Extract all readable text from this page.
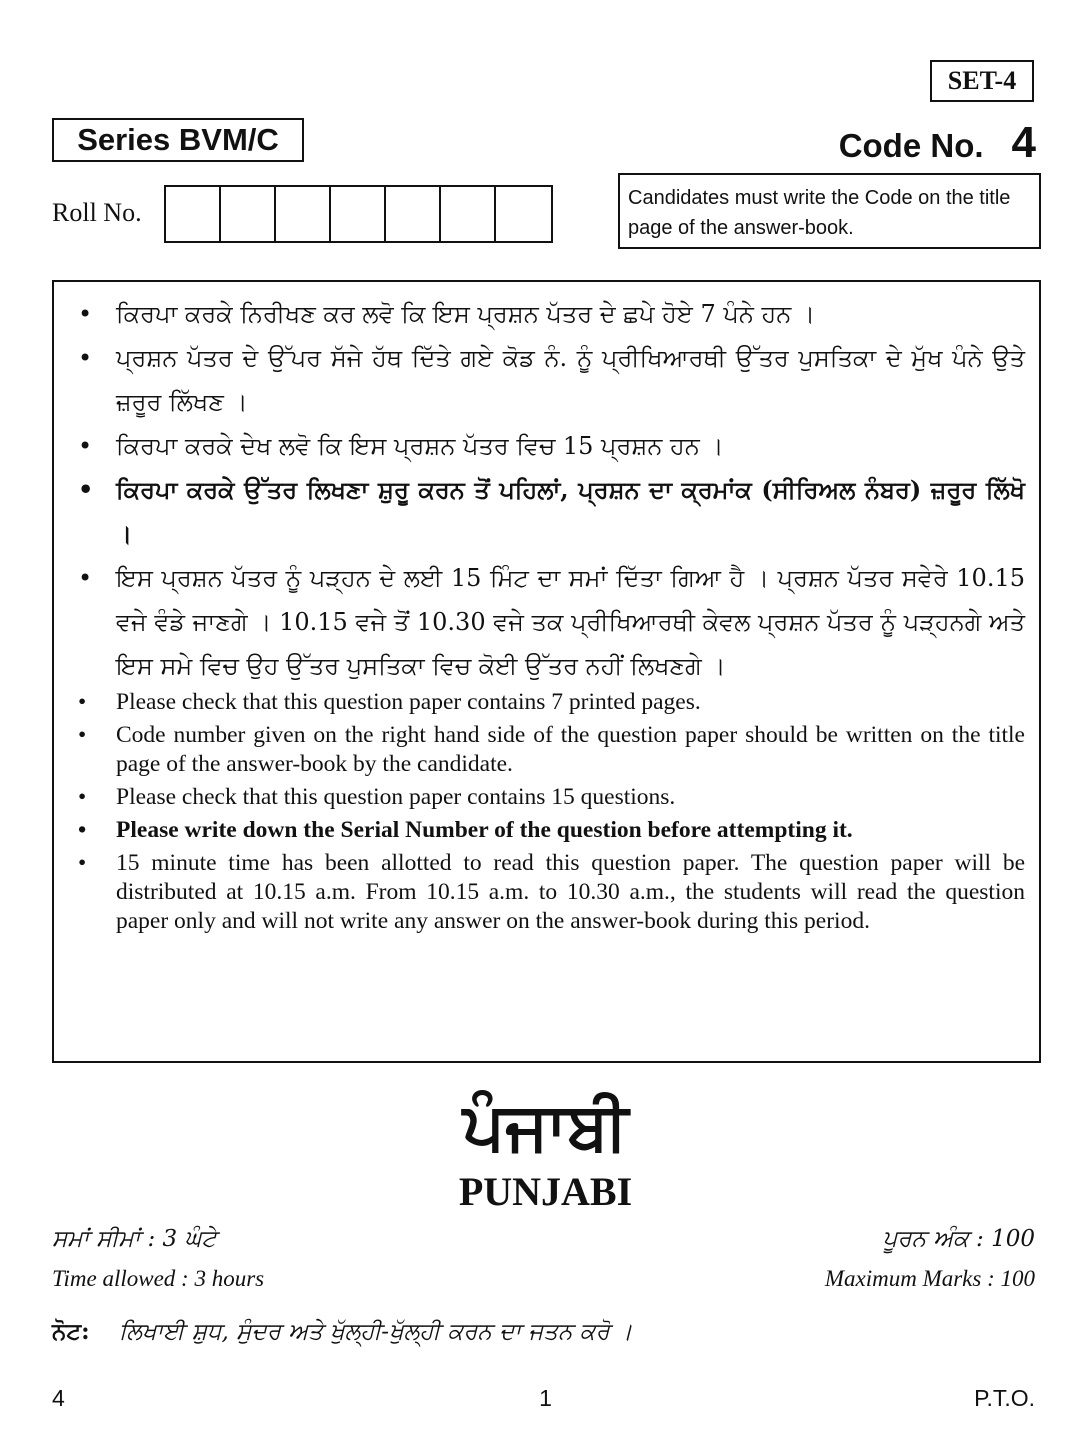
SET-4
Series BVM/C	Code No. 4
Roll No.	Candidates must write the Code on the title page of the answer-book.
• ਕਿਰਪਾ ਕਰਕੇ ਨਿਰੀਖਣ ਕਰ ਲਵੋ ਕਿ ਇਸ ਪ੍ਰਸ਼ਨ ਪੱਤਰ ਦੇ ਛਪੇ ਹੋਏ 7 ਪੰਨੇ ਹਨ ।
• ਪ੍ਰਸ਼ਨ ਪੱਤਰ ਦੇ ਉੱਪਰ ਸੱਜੇ ਹੱਥ ਦਿੱਤੇ ਗਏ ਕੋਡ ਨੰ. ਨੂੰ ਪ੍ਰੀਖਿਆਰਥੀ ਉੱਤਰ ਪੁਸਤਿਕਾ ਦੇ ਮੁੱਖ ਪੰਨੇ ਉਤੇ ਜ਼ਰੂਰ ਲਿੱਖਣ ।
• ਕਿਰਪਾ ਕਰਕੇ ਦੇਖ ਲਵੋ ਕਿ ਇਸ ਪ੍ਰਸ਼ਨ ਪੱਤਰ ਵਿਚ 15 ਪ੍ਰਸ਼ਨ ਹਨ ।
• ਕਿਰਪਾ ਕਰਕੇ ਉੱਤਰ ਲਿਖਣਾ ਸ਼ੁਰੂ ਕਰਨ ਤੋਂ ਪਹਿਲਾਂ, ਪ੍ਰਸ਼ਨ ਦਾ ਕ੍ਰਮਾਂਕ (ਸੀਰਿਅਲ ਨੰਬਰ) ਜ਼ਰੂਰ ਲਿੱਖੋ ।
• ਇਸ ਪ੍ਰਸ਼ਨ ਪੱਤਰ ਨੂੰ ਪੜ੍ਹਨ ਦੇ ਲਈ 15 ਮਿੰਟ ਦਾ ਸਮਾਂ ਦਿੱਤਾ ਗਿਆ ਹੈ । ਪ੍ਰਸ਼ਨ ਪੱਤਰ ਸਵੇਰੇ 10.15 ਵਜੇ ਵੰਡੇ ਜਾਣਗੇ । 10.15 ਵਜੇ ਤੋਂ 10.30 ਵਜੇ ਤਕ ਪ੍ਰੀਖਿਆਰਥੀ ਕੇਵਲ ਪ੍ਰਸ਼ਨ ਪੱਤਰ ਨੂੰ ਪੜ੍ਹਨਗੇ ਅਤੇ ਇਸ ਸਮੇ ਵਿਚ ਉਹ ਉੱਤਰ ਪੁਸਤਿਕਾ ਵਿਚ ਕੋਈ ਉੱਤਰ ਨਹੀਂ ਲਿਖਣਗੇ ।
• Please check that this question paper contains 7 printed pages.
• Code number given on the right hand side of the question paper should be written on the title page of the answer-book by the candidate.
• Please check that this question paper contains 15 questions.
• Please write down the Serial Number of the question before attempting it.
• 15 minute time has been allotted to read this question paper. The question paper will be distributed at 10.15 a.m. From 10.15 a.m. to 10.30 a.m., the students will read the question paper only and will not write any answer on the answer-book during this period.
ਪੰਜਾਬੀ
PUNJABI
ਸਮਾਂ ਸੀਮਾਂ : 3 ਘੰਟੇ	ਪੂਰਨ ਅੰਕ : 100
Time allowed : 3 hours	Maximum Marks : 100
ਨੋਟ: ਲਿਖਾਈ ਸ਼ੁਧ, ਸੁੰਦਰ ਅਤੇ ਖੁੱਲ੍ਹੀ-ਖੁੱਲ੍ਹੀ ਕਰਨ ਦਾ ਜਤਨ ਕਰੋ ।
4	1	P.T.O.
